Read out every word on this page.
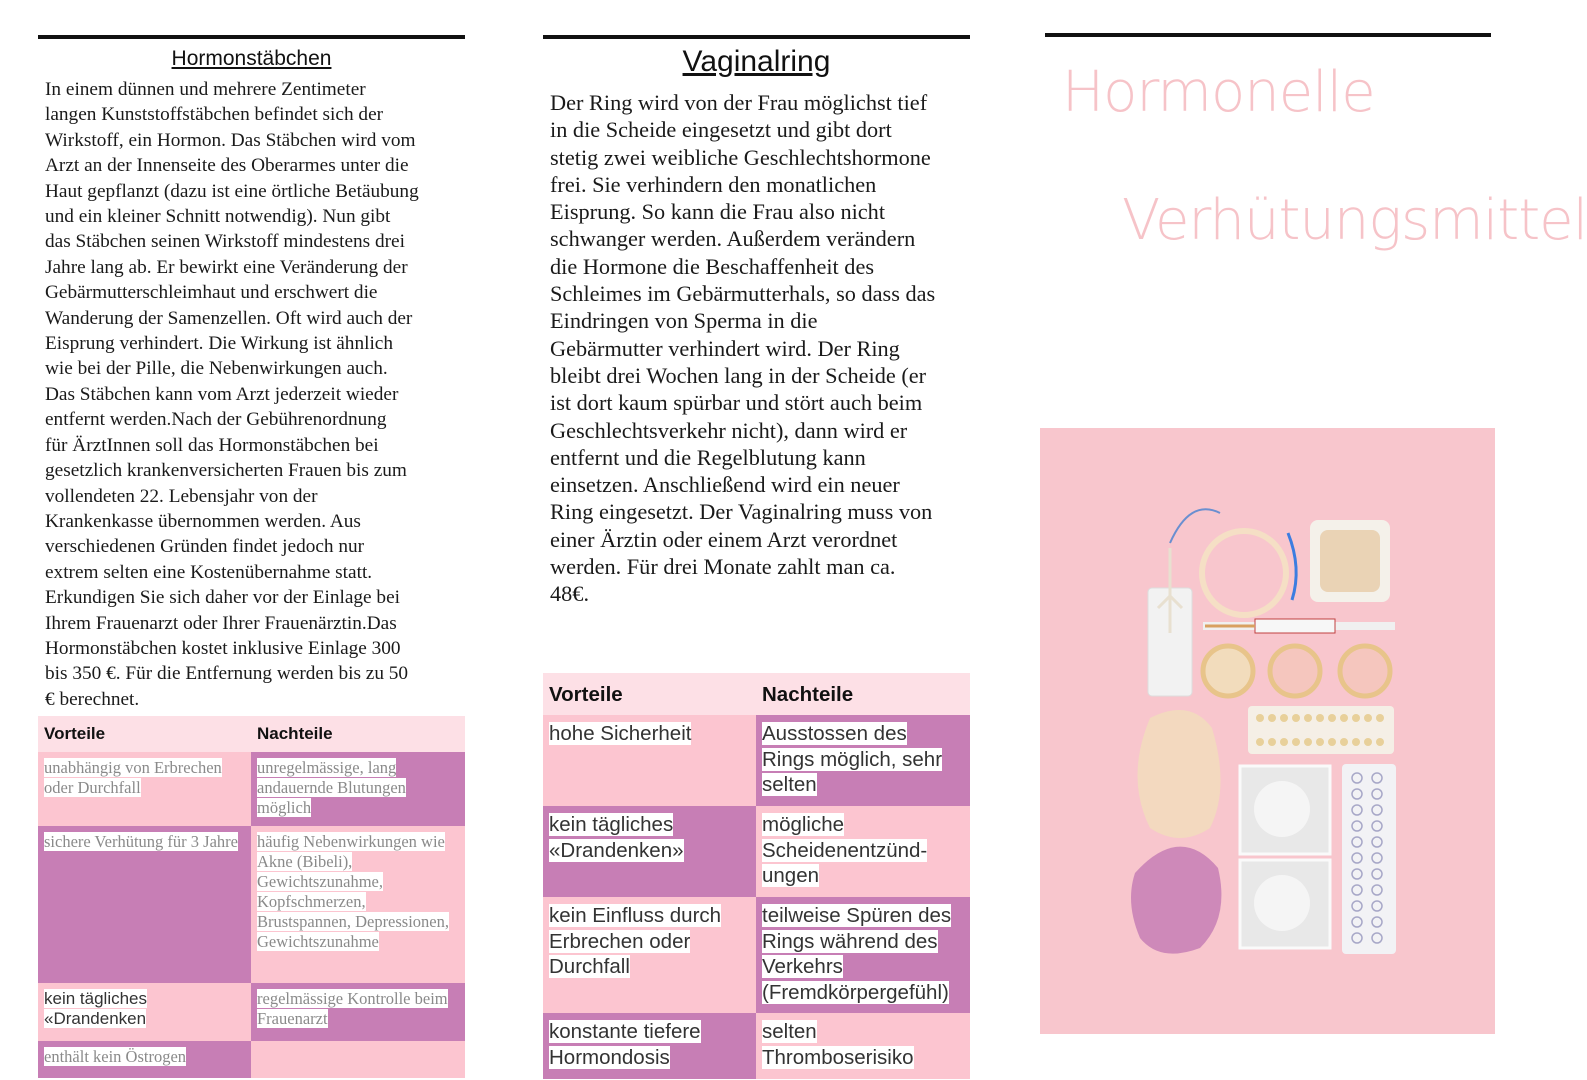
Hormonstäbchen
In einem dünnen und mehrere Zentimeter
langen Kunststoffstäbchen befindet sich der
Wirkstoff, ein Hormon. Das Stäbchen wird vom
Arzt an der Innenseite des Oberarmes unter die
Haut gepflanzt (dazu ist eine örtliche Betäubung
und ein kleiner Schnitt notwendig). Nun gibt
das Stäbchen seinen Wirkstoff mindestens drei
Jahre lang ab. Er bewirkt eine Veränderung der
Gebärmutterschleimhaut und erschwert die
Wanderung der Samenzellen. Oft wird auch der
Eisprung verhindert. Die Wirkung ist ähnlich
wie bei der Pille, die Nebenwirkungen auch.
Das Stäbchen kann vom Arzt jederzeit wieder
entfernt werden.Nach der Gebührenordnung
für ÄrztInnen soll das Hormonstäbchen bei
gesetzlich krankenversicherten Frauen bis zum
vollendeten 22. Lebensjahr von der
Krankenkasse übernommen werden. Aus
verschiedenen Gründen findet jedoch nur
extrem selten eine Kostenübernahme statt.
Erkundigen Sie sich daher vor der Einlage bei
Ihrem Frauenarzt oder Ihrer Frauenärztin.Das
Hormonstäbchen kostet inklusive Einlage 300
bis 350 €. Für die Entfernung werden bis zu 50
€ berechnet.
Vorteile	Nachteile
unabhängig von Erbrechen oder Durchfall	unregelmässige, lang andauernde Blutungen möglich
sichere Verhütung für 3 Jahre	häufig Nebenwirkungen wie Akne (Bibeli), Gewichtszunahme, Kopfschmerzen, Brustspannen, Depressionen, Gewichtszunahme
kein tägliches «Drandenken	regelmässige Kontrolle beim Frauenarzt
enthält kein Östrogen	
Vaginalring
Der Ring wird von der Frau möglichst tief
in die Scheide eingesetzt und gibt dort
stetig zwei weibliche Geschlechtshormone
frei. Sie verhindern den monatlichen
Eisprung. So kann die Frau also nicht
schwanger werden. Außerdem verändern
die Hormone die Beschaffenheit des
Schleimes im Gebärmutterhals, so dass das
Eindringen von Sperma in die
Gebärmutter verhindert wird. Der Ring
bleibt drei Wochen lang in der Scheide (er
ist dort kaum spürbar und stört auch beim
Geschlechtsverkehr nicht), dann wird er
entfernt und die Regelblutung kann
einsetzen. Anschließend wird ein neuer
Ring eingesetzt. Der Vaginalring muss von
einer Ärztin oder einem Arzt verordnet
werden. Für drei Monate zahlt man ca.
48€.
Vorteile	Nachteile
hohe Sicherheit	Ausstossen des Rings möglich, sehr selten
kein tägliches «Drandenken»	mögliche Scheidenentzünd-ungen
kein Einfluss durch Erbrechen oder Durchfall	teilweise Spüren des Rings während des Verkehrs (Fremdkörpergefühl)
konstante tiefere Hormondosis	selten Thromboserisiko
Hormonelle
Verhütungsmittel
